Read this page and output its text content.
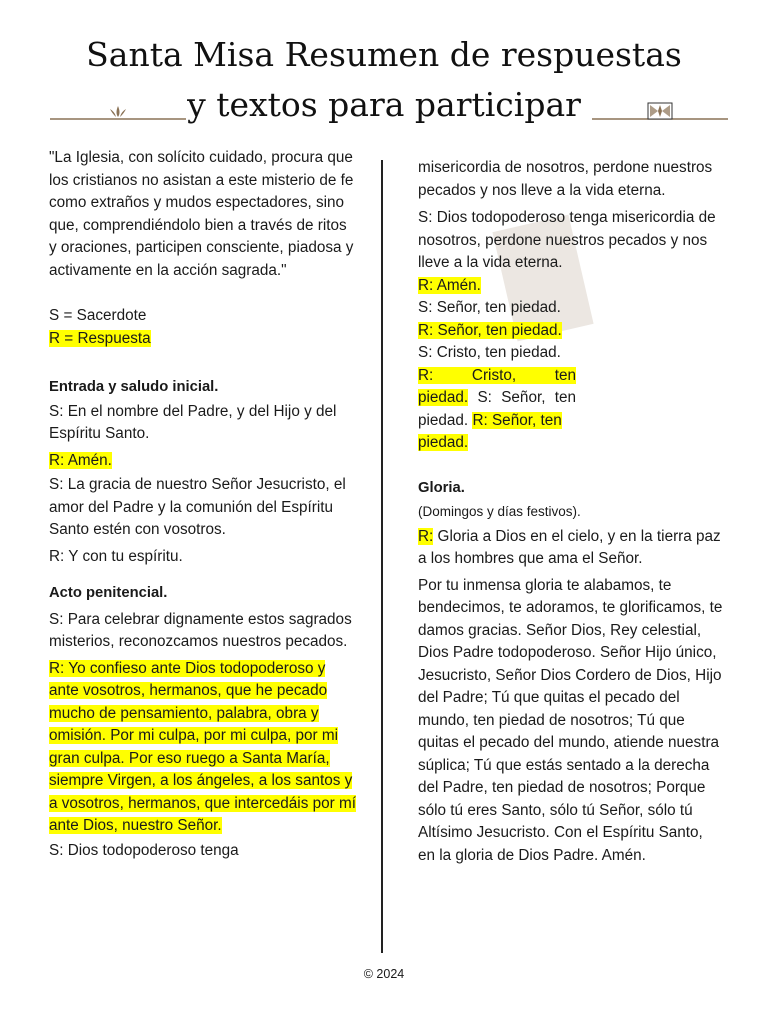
Santa Misa Resumen de respuestas
y textos para participar

"La Iglesia, con solícito cuidado, procura que los cristianos no asistan a este misterio de fe como extraños y mudos espectadores, sino que, comprendiéndolo bien a través de ritos y oraciones, participen consciente, piadosa y activamente en la acción sagrada."

S = Sacerdote

R = Respuesta

Entrada y saludo inicial.

S: En el nombre del Padre, y del Hijo y del Espíritu Santo.

R: Amén.

S: La gracia de nuestro Señor Jesucristo, el amor del Padre y la comunión del Espíritu Santo estén con vosotros.

R: Y con tu espíritu.

Acto penitencial.

S: Para celebrar dignamente estos sagrados misterios, reconozcamos nuestros pecados.

R: Yo confieso ante Dios todopoderoso y ante vosotros, hermanos, que he pecado mucho de pensamiento, palabra, obra y omisión. Por mi culpa, por mi culpa, por mi gran culpa. Por eso ruego a Santa María, siempre Virgen, a los ángeles, a los santos y a vosotros, hermanos, que intercedáis por mí ante Dios, nuestro Señor.

S: Dios todopoderoso tenga

misericordia de nosotros, perdone nuestros pecados y nos lleve a la vida eterna.

S: Dios todopoderoso tenga misericordia de nosotros, perdone nuestros pecados y nos lleve a la vida eterna.

R: Amén.

S: Señor, ten piedad.

R: Señor, ten piedad.

S: Cristo, ten piedad.

R: Cristo, ten

piedad. S: Señor, ten

piedad. R: Señor, ten

piedad.

Gloria.

(Domingos y días festivos).

R: Gloria a Dios en el cielo, y en la tierra paz a los hombres que ama el Señor.

Por tu inmensa gloria te alabamos, te bendecimos, te adoramos, te glorificamos, te damos gracias. Señor Dios, Rey celestial, Dios Padre todopoderoso. Señor Hijo único, Jesucristo, Señor Dios Cordero de Dios, Hijo del Padre; Tú que quitas el pecado del mundo, ten piedad de nosotros; Tú que quitas el pecado del mundo, atiende nuestra súplica; Tú que estás sentado a la derecha del Padre, ten piedad de nosotros; Porque sólo tú eres Santo, sólo tú Señor, sólo tú Altísimo Jesucristo. Con el Espíritu Santo, en la gloria de Dios Padre. Amén.

© 2024
